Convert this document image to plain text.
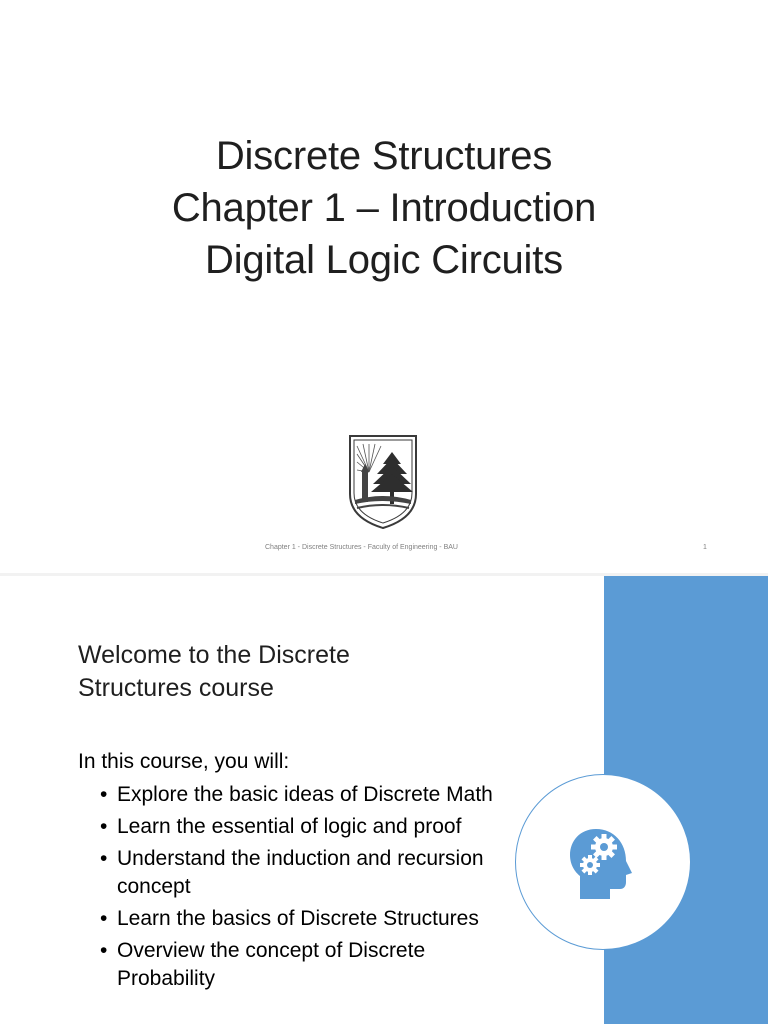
Discrete Structures
Chapter 1 – Introduction
Digital Logic Circuits
Chapter 1 - Discrete Structures - Faculty of Engineering - BAU	1
Welcome to the Discrete
Structures course
In this course, you will:
• Explore the basic ideas of Discrete Math
• Learn the essential of logic and proof
• Understand the induction and recursion concept
• Learn the basics of Discrete Structures
• Overview the concept of Discrete Probability
